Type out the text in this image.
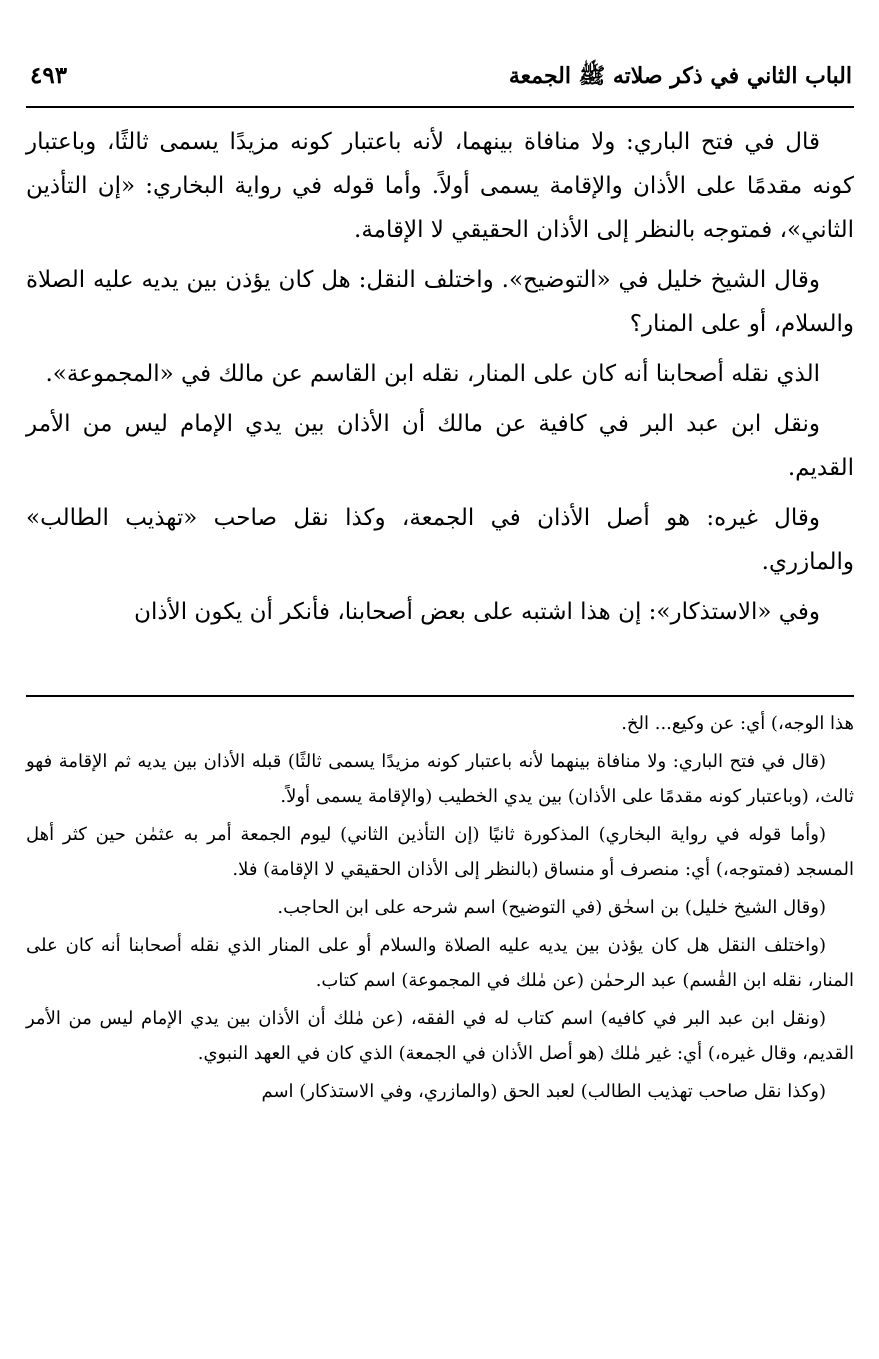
الباب الثاني في ذكر صلاته ﷺ الجمعة
٤٩٣

قال في فتح الباري: ولا منافاة بينهما، لأنه باعتبار كونه مزيدًا يسمى ثالثًا، وباعتبار كونه مقدمًا على الأذان والإقامة يسمى أولاً. وأما قوله في رواية البخاري: «إن التأذين الثاني»، فمتوجه بالنظر إلى الأذان الحقيقي لا الإقامة.

وقال الشيخ خليل في «التوضيح». واختلف النقل: هل كان يؤذن بين يديه عليه الصلاة والسلام، أو على المنار؟

الذي نقله أصحابنا أنه كان على المنار، نقله ابن القاسم عن مالك في «المجموعة».

ونقل ابن عبد البر في كافية عن مالك أن الأذان بين يدي الإمام ليس من الأمر القديم.

وقال غيره: هو أصل الأذان في الجمعة، وكذا نقل صاحب «تهذيب الطالب» والمازري.

وفي «الاستذكار»: إن هذا اشتبه على بعض أصحابنا، فأنكر أن يكون الأذان

هذا الوجه،) أي: عن وكيع... الخ.

(قال في فتح الباري: ولا منافاة بينهما لأنه باعتبار كونه مزيدًا يسمى ثالثًا) قبله الأذان بين يديه ثم الإقامة فهو ثالث، (وباعتبار كونه مقدمًا على الأذان) بين يدي الخطيب (والإقامة يسمى أولاً.

(وأما قوله في رواية البخاري) المذكورة ثانيًا (إن التأذين الثاني) ليوم الجمعة أمر به عثمٰن حين كثر أهل المسجد (فمتوجه،) أي: منصرف أو منساق (بالنظر إلى الأذان الحقيقي لا الإقامة) فلا.

(وقال الشيخ خليل) بن اسحٰق (في التوضيح) اسم شرحه على ابن الحاجب.

(واختلف النقل هل كان يؤذن بين يديه عليه الصلاة والسلام أو على المنار الذي نقله أصحابنا أنه كان على المنار، نقله ابن القٰسم) عبد الرحمٰن (عن مٰلك في المجموعة) اسم كتاب.

(ونقل ابن عبد البر في كافيه) اسم كتاب له في الفقه، (عن مٰلك أن الأذان بين يدي الإمام ليس من الأمر القديم، وقال غيره،) أي: غير مٰلك (هو أصل الأذان في الجمعة) الذي كان في العهد النبوي.

(وكذا نقل صاحب تهذيب الطالب) لعبد الحق (والمازري، وفي الاستذكار) اسم
